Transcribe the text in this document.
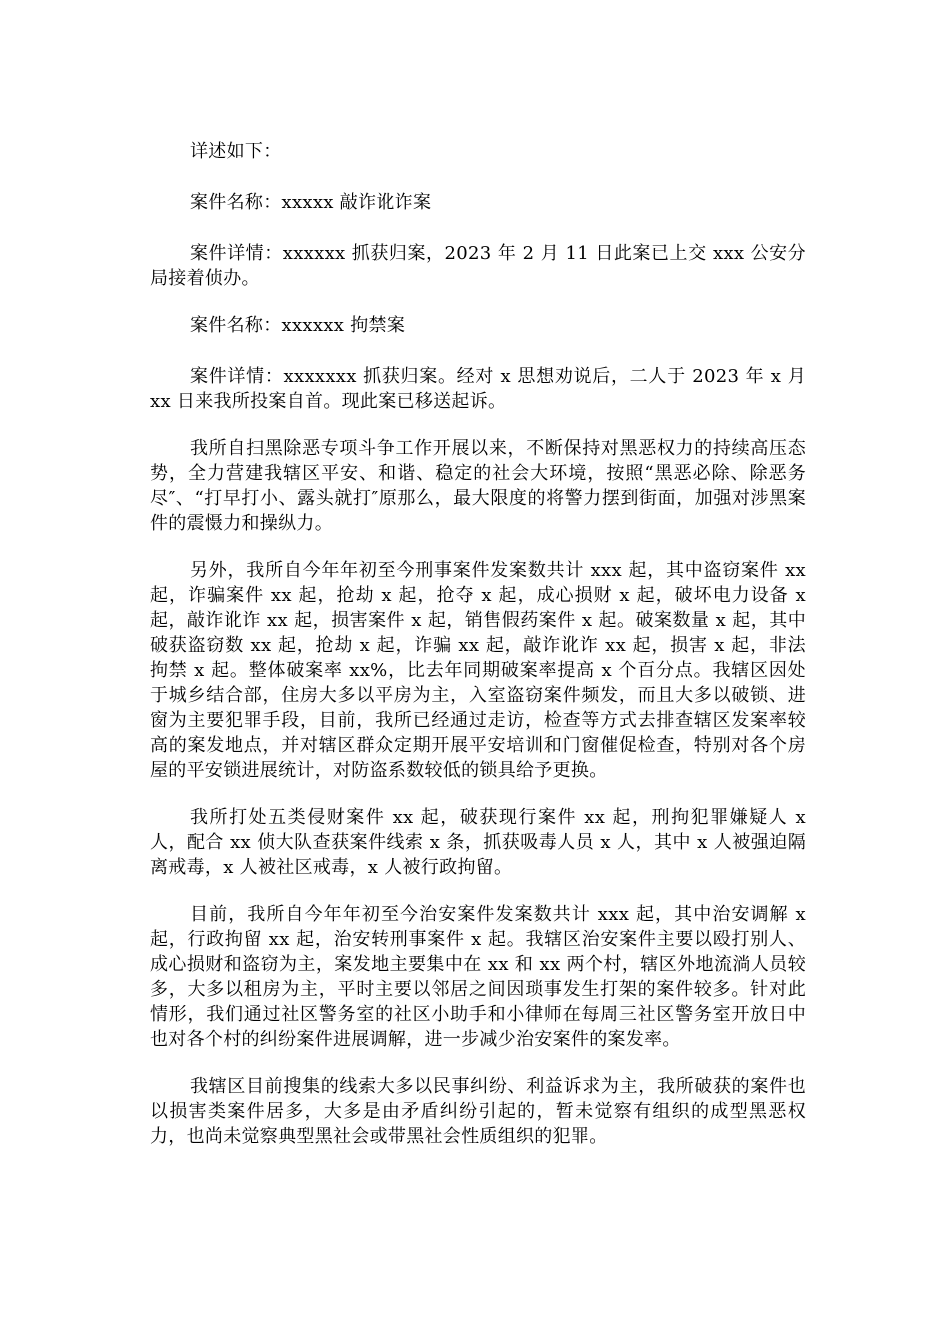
详述如下：

案件名称：xxxxx 敲诈讹诈案

案件详情：xxxxxx 抓获归案，2023 年 2 月 11 日此案已上交 xxx 公安分局接着侦办。

案件名称：xxxxxx 拘禁案

案件详情：xxxxxxx 抓获归案。经对 x 思想劝说后，二人于 2023 年 x 月 xx 日来我所投案自首。现此案已移送起诉。

我所自扫黑除恶专项斗争工作开展以来，不断保持对黑恶权力的持续高压态势，全力营建我辖区平安、和谐、稳定的社会大环境，按照“黑恶必除、除恶务尽″、“打早打小、露头就打″原那么，最大限度的将警力摆到街面，加强对涉黑案件的震慑力和操纵力。

另外，我所自今年年初至今刑事案件发案数共计 xxx 起，其中盗窃案件 xx 起，诈骗案件 xx 起，抢劫 x 起，抢夺 x 起，成心损财 x 起，破坏电力设备 x 起，敲诈讹诈 xx 起，损害案件 x 起，销售假药案件 x 起。破案数量 x 起，其中破获盗窃数 xx 起，抢劫 x 起，诈骗 xx 起，敲诈讹诈 xx 起，损害 x 起，非法拘禁 x 起。整体破案率 xx%，比去年同期破案率提高 x 个百分点。我辖区因处于城乡结合部，住房大多以平房为主，入室盗窃案件频发，而且大多以破锁、进窗为主要犯罪手段，目前，我所已经通过走访，检查等方式去排查辖区发案率较高的案发地点，并对辖区群众定期开展平安培训和门窗催促检查，特别对各个房屋的平安锁进展统计，对防盗系数较低的锁具给予更换。

我所打处五类侵财案件 xx 起，破获现行案件 xx 起，刑拘犯罪嫌疑人 x 人，配合 xx 侦大队查获案件线索 x 条，抓获吸毒人员 x 人，其中 x 人被强迫隔离戒毒，x 人被社区戒毒，x 人被行政拘留。

目前，我所自今年年初至今治安案件发案数共计 xxx 起，其中治安调解 x 起，行政拘留 xx 起，治安转刑事案件 x 起。我辖区治安案件主要以殴打别人、成心损财和盗窃为主，案发地主要集中在 xx 和 xx 两个村，辖区外地流淌人员较多，大多以租房为主，平时主要以邻居之间因琐事发生打架的案件较多。针对此情形，我们通过社区警务室的社区小助手和小律师在每周三社区警务室开放日中也对各个村的纠纷案件进展调解，进一步减少治安案件的案发率。

我辖区目前搜集的线索大多以民事纠纷、利益诉求为主，我所破获的案件也以损害类案件居多，大多是由矛盾纠纷引起的，暂未觉察有组织的成型黑恶权力，也尚未觉察典型黑社会或带黑社会性质组织的犯罪。
